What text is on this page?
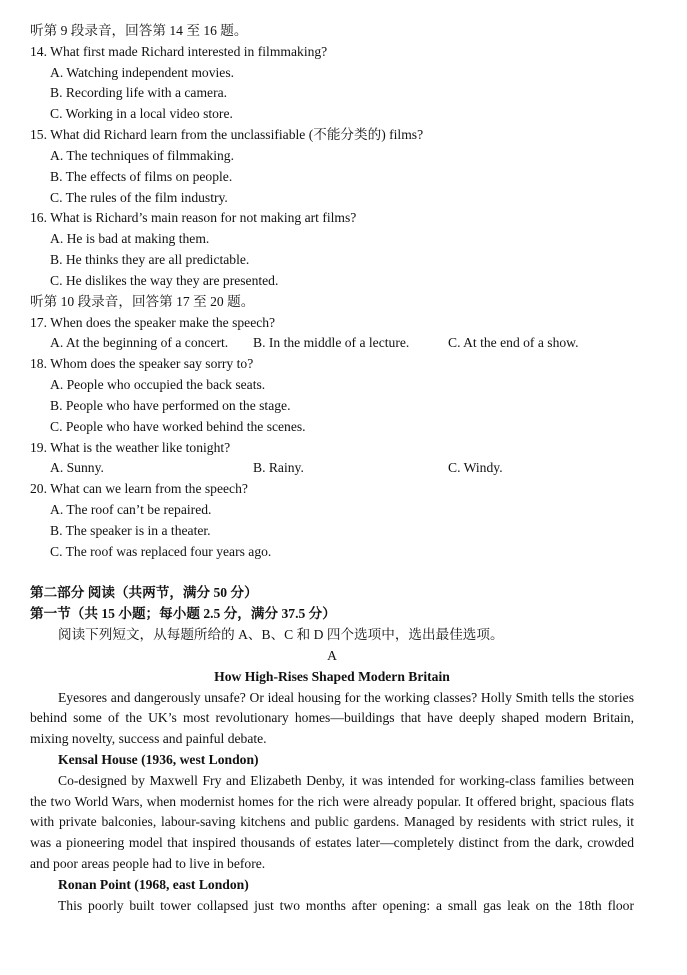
听第 9 段录音，回答第 14 至 16 题。
14. What first made Richard interested in filmmaking?
A. Watching independent movies.
B. Recording life with a camera.
C. Working in a local video store.
15. What did Richard learn from the unclassifiable (不能分类的) films?
A. The techniques of filmmaking.
B. The effects of films on people.
C. The rules of the film industry.
16. What is Richard’s main reason for not making art films?
A. He is bad at making them.
B. He thinks they are all predictable.
C. He dislikes the way they are presented.
听第 10 段录音，回答第 17 至 20 题。
17. When does the speaker make the speech?
A. At the beginning of a concert. B. In the middle of a lecture.	C. At the end of a show.
18. Whom does the speaker say sorry to?
A. People who occupied the back seats.
B. People who have performed on the stage.
C. People who have worked behind the scenes.
19. What is the weather like tonight?
A. Sunny.	B. Rainy.	C. Windy.
20. What can we learn from the speech?
A. The roof can’t be repaired.
B. The speaker is in a theater.
C. The roof was replaced four years ago.
第二部分 阅读（共两节，满分 50 分）
第一节（共 15 小题；每小题 2.5 分，满分 37.5 分）
阅读下列短文，从每题所给的 A、B、C 和 D 四个选项中，选出最佳选项。
A
How High-Rises Shaped Modern Britain
Eyesores and dangerously unsafe? Or ideal housing for the working classes? Holly Smith tells the stories
behind some of the UK’s most revolutionary homes—buildings that have deeply shaped modern Britain,
mixing novelty, success and painful debate.
Kensal House (1936, west London)
Co-designed by Maxwell Fry and Elizabeth Denby, it was intended for working-class families between
the two World Wars, when modernist homes for the rich were already popular. It offered bright, spacious flats
with private balconies, labour-saving kitchens and public gardens. Managed by residents with strict rules, it
was a pioneering model that inspired thousands of estates later—completely distinct from the dark, crowded
and poor areas people had to live in before.
Ronan Point (1968, east London)
This poorly built tower collapsed just two months after opening: a small gas leak on the 18th floor
